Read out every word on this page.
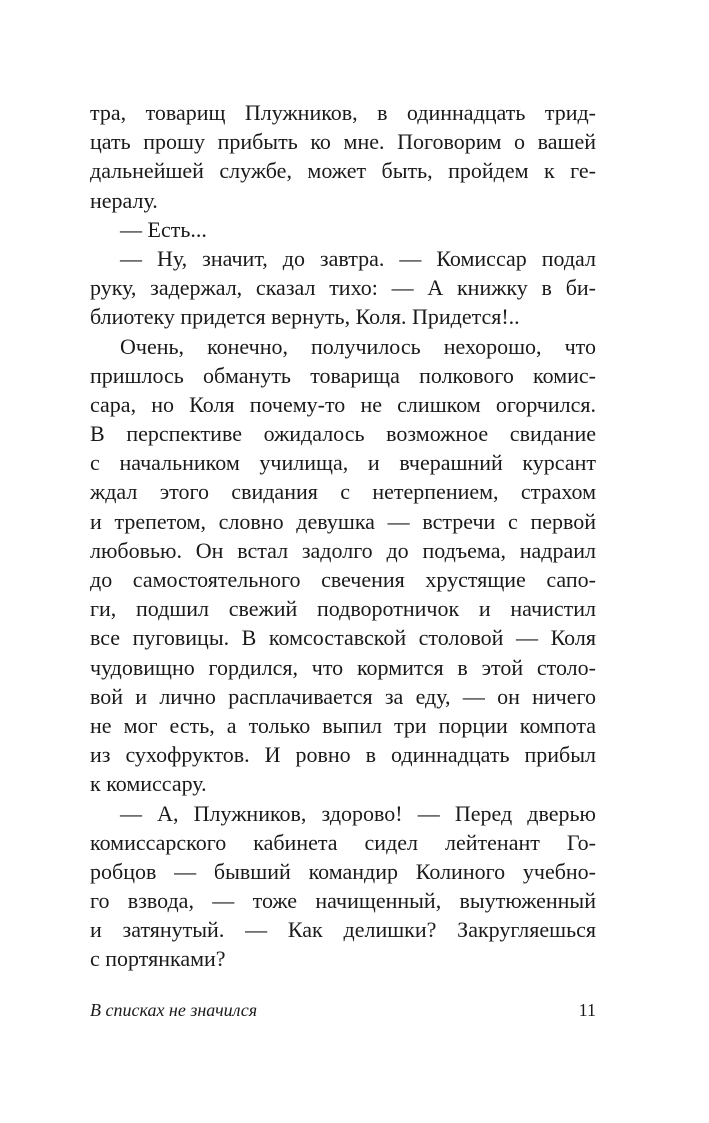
тра, товарищ Плужников, в одиннадцать трид-
цать прошу прибыть ко мне. Поговорим о вашей
дальнейшей службе, может быть, пройдем к ге-
нералу.
— Есть...
— Ну, значит, до завтра. — Комиссар подал
руку, задержал, сказал тихо: — А книжку в би-
блиотеку придется вернуть, Коля. Придется!..
Очень, конечно, получилось нехорошо, что
пришлось обмануть товарища полкового комис-
сара, но Коля почему-то не слишком огорчился.
В перспективе ожидалось возможное свидание
с начальником училища, и вчерашний курсант
ждал этого свидания с нетерпением, страхом
и трепетом, словно девушка — встречи с первой
любовью. Он встал задолго до подъема, надраил
до самостоятельного свечения хрустящие сапо-
ги, подшил свежий подворотничок и начистил
все пуговицы. В комсоставской столовой — Коля
чудовищно гордился, что кормится в этой столо-
вой и лично расплачивается за еду, — он ничего
не мог есть, а только выпил три порции компота
из сухофруктов. И ровно в одиннадцать прибыл
к комиссару.
— А, Плужников, здорово! — Перед дверью
комиссарского кабинета сидел лейтенант Го-
робцов — бывший командир Колиного учебно-
го взвода, — тоже начищенный, выутюженный
и затянутый. — Как делишки? Закругляешься
с портянками?
В списках не значился	11
